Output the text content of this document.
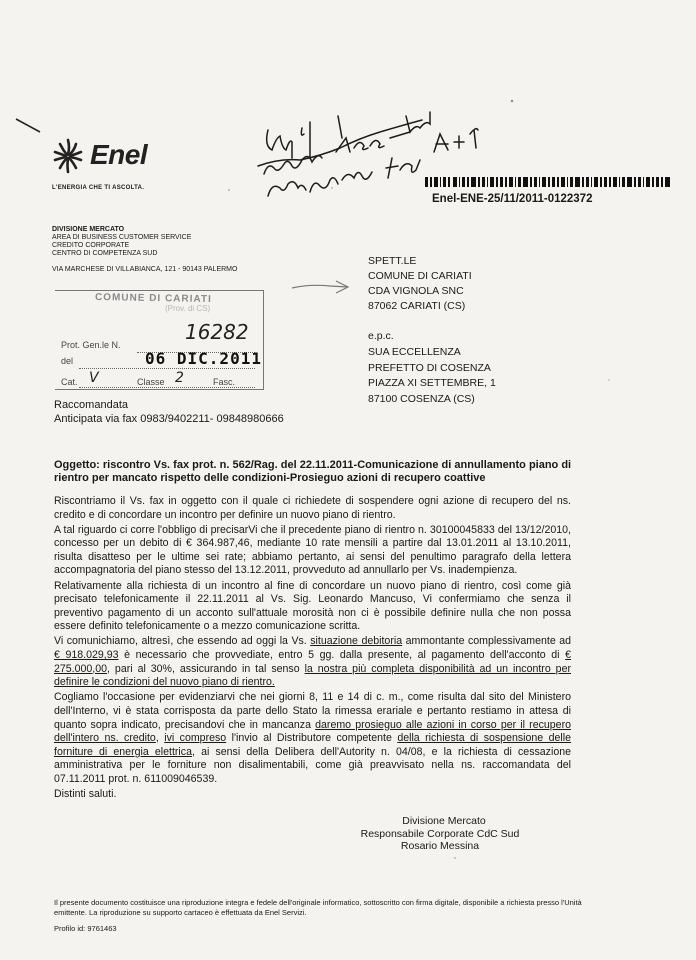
Enel
L'ENERGIA CHE TI ASCOLTA.
Enel-ENE-25/11/2011-0122372
DIVISIONE MERCATO
AREA DI BUSINESS CUSTOMER SERVICE
CREDITO CORPORATE
CENTRO DI COMPETENZA SUD
VIA MARCHESE DI VILLABIANCA, 121 - 90143 PALERMO
SPETT.LE
COMUNE DI CARIATI
CDA VIGNOLA SNC
87062 CARIATI (CS)
e.p.c.
SUA ECCELLENZA
PREFETTO DI COSENZA
PIAZZA XI SETTEMBRE, 1
87100 COSENZA (CS)
COMUNE DI CARIATI
(Prov. di CS)
Prot. Gen.le N.
16282
del	06 DIC.2011
Cat. V	Classe 2	Fasc.
Raccomandata
Anticipata via fax 0983/9402211- 09848980666
Oggetto: riscontro Vs. fax prot. n. 562/Rag. del 22.11.2011-Comunicazione di annullamento piano di rientro per mancato rispetto delle condizioni-Prosieguo azioni di recupero coattive

Riscontriamo il Vs. fax in oggetto con il quale ci richiedete di sospendere ogni azione di recupero del ns. credito e di concordare un incontro per definire un nuovo piano di rientro.

A tal riguardo ci corre l'obbligo di precisarVi che il precedente piano di rientro n. 30100045833 del 13/12/2010, concesso per un debito di € 364.987,46, mediante 10 rate mensili a partire dal 13.01.2011 al 13.10.2011, risulta disatteso per le ultime sei rate; abbiamo pertanto, ai sensi del penultimo paragrafo della lettera accompagnatoria del piano stesso del 13.12.2011, provveduto ad annullarlo per Vs. inadempienza.

Relativamente alla richiesta di un incontro al fine di concordare un nuovo piano di rientro, così come già precisato telefonicamente il 22.11.2011 al Vs. Sig. Leonardo Mancuso, Vi confermiamo che senza il preventivo pagamento di un acconto sull'attuale morosità non ci è possibile definire nulla che non possa essere definito telefonicamente o a mezzo comunicazione scritta.

Vi comunichiamo, altresì, che essendo ad oggi la Vs. situazione debitoria ammontante complessivamente ad € 918.029,93 è necessario che provvediate, entro 5 gg. dalla presente, al pagamento dell'acconto di € 275.000,00, pari al 30%, assicurando in tal senso la nostra più completa disponibilità ad un incontro per definire le condizioni del nuovo piano di rientro.

Cogliamo l'occasione per evidenziarvi che nei giorni 8, 11 e 14 di c. m., come risulta dal sito del Ministero dell'Interno, vi è stata corrisposta da parte dello Stato la rimessa erariale e pertanto restiamo in attesa di quanto sopra indicato, precisandovi che in mancanza daremo prosieguo alle azioni in corso per il recupero dell'intero ns. credito, ivi compreso l'invio al Distributore competente della richiesta di sospensione delle forniture di energia elettrica, ai sensi della Delibera dell'Autority n. 04/08, e la richiesta di cessazione amministrativa per le forniture non disalimentabili, come già preavvisato nella ns. raccomandata del 07.11.2011 prot. n. 611009046539.

Distinti saluti.

Divisione Mercato
Responsabile Corporate CdC Sud
Rosario Messina
Il presente documento costituisce una riproduzione integra e fedele dell'originale informatico, sottoscritto con firma digitale, disponibile a richiesta presso l'Unità emittente. La riproduzione su supporto cartaceo è effettuata da Enel Servizi.
Profilo id: 9761463
